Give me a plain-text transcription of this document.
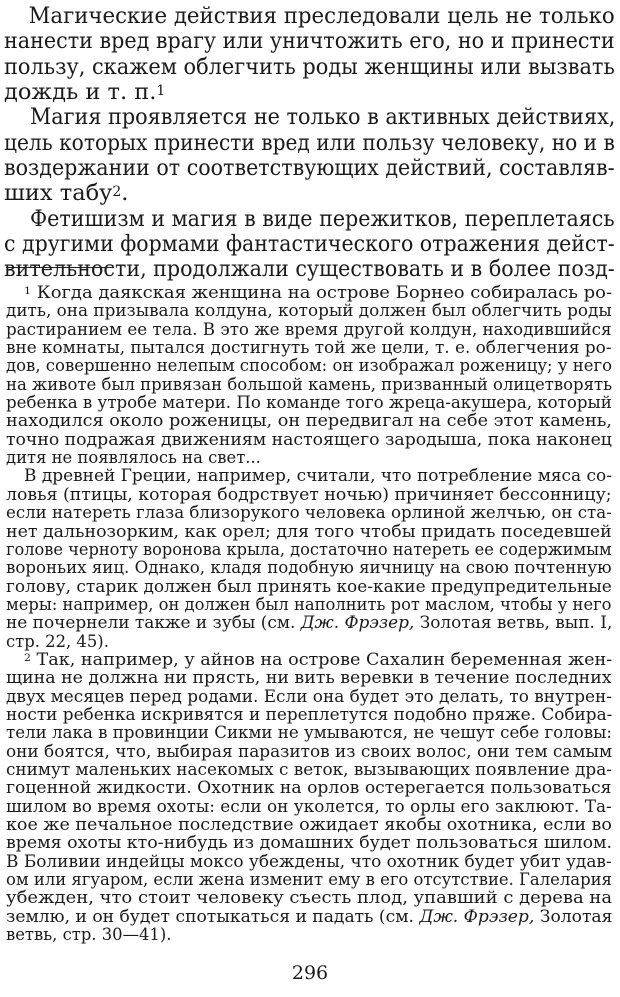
Магические действия преследовали цель не только
нанести вред врагу или уничтожить его, но и принести
пользу, скажем облегчить роды женщины или вызвать
дождь и т. п.$^1$
Магия проявляется не только в активных действиях,
цель которых принести вред или пользу человеку, но и в
воздержании от соответствующих действий, составляв-
ших табу$^2$.
Фетишизм и магия в виде пережитков, переплетаясь
с другими формами фантастического отражения дейст-
вительности, продолжали существовать и в более позд-
$^1$ Когда даякская женщина на острове Борнео собиралась ро-
дить, она призывала колдуна, который должен был облегчить роды
растиранием ее тела. В это же время другой колдун, находившийся
вне комнаты, пытался достигнуть той же цели, т. е. облегчения ро-
дов, совершенно нелепым способом: он изображал роженицу; у него
на животе был привязан большой камень, призванный олицетворять
ребенка в утробе матери. По команде того жреца-акушера, который
находился около роженицы, он передвигал на себе этот камень,
точно подражая движениям настоящего зародыша, пока наконец
дитя не появлялось на свет...
В древней Греции, например, считали, что потребление мяса со-
ловья (птицы, которая бодрствует ночью) причиняет бессонницу;
если натереть глаза близорукого человека орлиной желчью, он ста-
нет дальнозорким, как орел; для того чтобы придать поседевшей
голове черноту воронова крыла, достаточно натереть ее содержимым
вороньих яиц. Однако, кладя подобную яичницу на свою почтенную
голову, старик должен был принять кое-какие предупредительные
меры: например, он должен был наполнить рот маслом, чтобы у него
не почернели также и зубы (см. Дж. Фрэзер, Золотая ветвь, вып. I,
стр. 22, 45).
$^2$ Так, например, у айнов на острове Сахалин беременная жен-
щина не должна ни прясть, ни вить веревки в течение последних
двух месяцев перед родами. Если она будет это делать, то внутрен-
ности ребенка искривятся и переплетутся подобно пряже. Собира-
тели лака в провинции Сикми не умываются, не чешут себе головы:
они боятся, что, выбирая паразитов из своих волос, они тем самым
снимут маленьких насекомых с веток, вызывающих появление дра-
гоценной жидкости. Охотник на орлов остерегается пользоваться
шилом во время охоты: если он уколется, то орлы его заклюют. Та-
кое же печальное последствие ожидает якобы охотника, если во
время охоты кто-нибудь из домашних будет пользоваться шилом.
В Боливии индейцы моксо убеждены, что охотник будет убит удав-
ом или ягуаром, если жена изменит ему в его отсутствие. Галелария
убежден, что стоит человеку съесть плод, упавший с дерева на
землю, и он будет спотыкаться и падать (см. Дж. Фрэзер, Золотая
ветвь, стр. 30—41).
296
